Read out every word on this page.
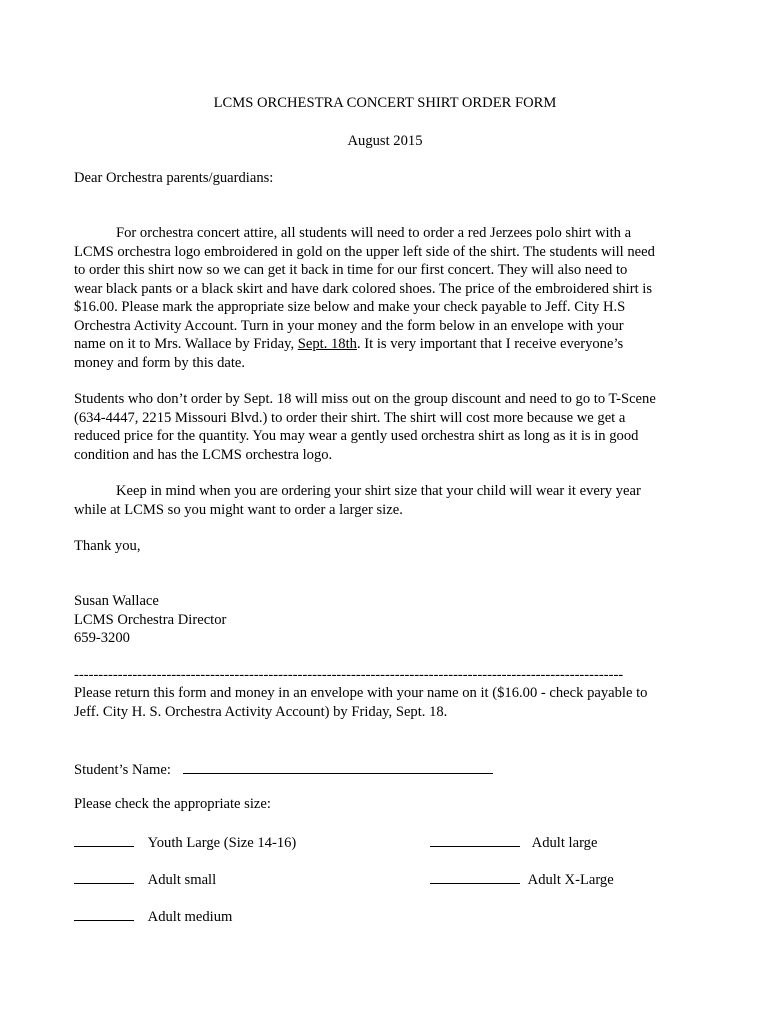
LCMS ORCHESTRA CONCERT SHIRT ORDER FORM

August 2015

Dear Orchestra parents/guardians:

For orchestra concert attire, all students will need to order a red Jerzees polo shirt with a
LCMS orchestra logo embroidered in gold on the upper left side of the shirt. The students will need
to order this shirt now so we can get it back in time for our first concert. They will also need to
wear black pants or a black skirt and have dark colored shoes. The price of the embroidered shirt is
$16.00. Please mark the appropriate size below and make your check payable to Jeff. City H.S
Orchestra Activity Account. Turn in your money and the form below in an envelope with your
name on it to Mrs. Wallace by Friday, Sept. 18th. It is very important that I receive everyone’s
money and form by this date.
Students who don’t order by Sept. 18 will miss out on the group discount and need to go to T-Scene
(634-4447, 2215 Missouri Blvd.) to order their shirt. The shirt will cost more because we get a
reduced price for the quantity. You may wear a gently used orchestra shirt as long as it is in good
condition and has the LCMS orchestra logo.
Keep in mind when you are ordering your shirt size that your child will wear it every year
while at LCMS so you might want to order a larger size.

Thank you,

Susan Wallace
LCMS Orchestra Director
659-3200
-----------------------------------------------------------------------------------------------------------------
Please return this form and money in an envelope with your name on it ($16.00 - check payable to
Jeff. City H. S. Orchestra Activity Account) by Friday, Sept. 18.
Student’s Name:

Please check the appropriate size:

Youth Large (Size 14-16)
Adult small
Adult medium
Adult large
Adult X-Large
